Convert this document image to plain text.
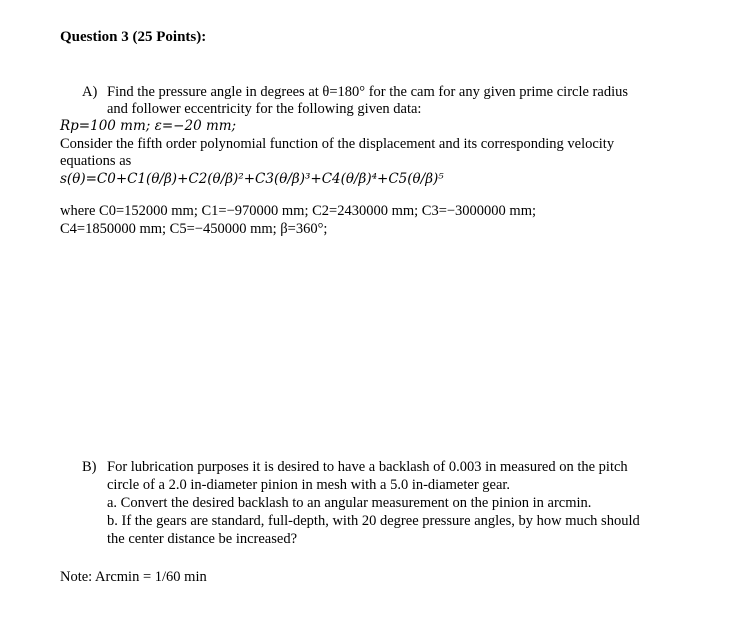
Question 3 (25 Points):
A) Find the pressure angle in degrees at θ=180° for the cam for any given prime circle radius
and follower eccentricity for the following given data:
Rp=100 mm; ε=−20 mm;
Consider the fifth order polynomial function of the displacement and its corresponding velocity
equations as
s(θ)=C0+C1(θ/β)+C2(θ/β)²+C3(θ/β)³+C4(θ/β)⁴+C5(θ/β)⁵
where C0=152000 mm; C1=−970000 mm; C2=2430000 mm; C3=−3000000 mm;
C4=1850000 mm; C5=−450000 mm; β=360°;
B) For lubrication purposes it is desired to have a backlash of 0.003 in measured on the pitch
circle of a 2.0 in-diameter pinion in mesh with a 5.0 in-diameter gear.
a. Convert the desired backlash to an angular measurement on the pinion in arcmin.
b. If the gears are standard, full-depth, with 20 degree pressure angles, by how much should
the center distance be increased?
Note: Arcmin = 1/60 min
